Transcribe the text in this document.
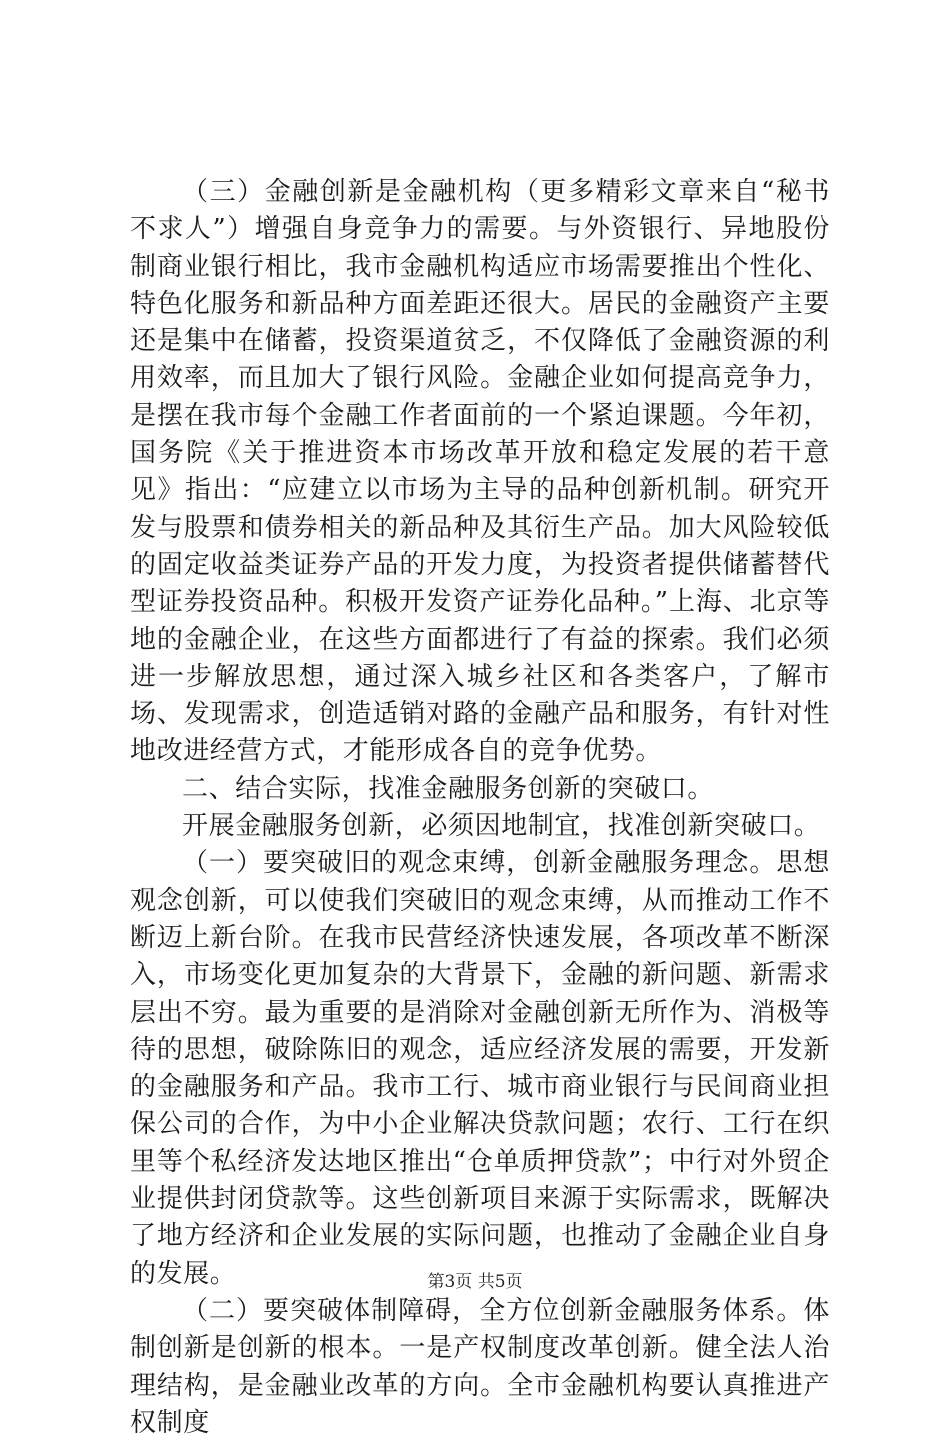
（三）金融创新是金融机构（更多精彩文章来自“秘书不求人”）增强自身竞争力的需要。与外资银行、异地股份制商业银行相比，我市金融机构适应市场需要推出个性化、特色化服务和新品种方面差距还很大。居民的金融资产主要还是集中在储蓄，投资渠道贫乏，不仅降低了金融资源的利用效率，而且加大了银行风险。金融企业如何提高竞争力，是摆在我市每个金融工作者面前的一个紧迫课题。今年初，国务院《关于推进资本市场改革开放和稳定发展的若干意见》指出：“应建立以市场为主导的品种创新机制。研究开发与股票和债券相关的新品种及其衍生产品。加大风险较低的固定收益类证券产品的开发力度，为投资者提供储蓄替代型证券投资品种。积极开发资产证券化品种。”上海、北京等地的金融企业，在这些方面都进行了有益的探索。我们必须进一步解放思想，通过深入城乡社区和各类客户，了解市场、发现需求，创造适销对路的金融产品和服务，有针对性地改进经营方式，才能形成各自的竞争优势。

二、结合实际，找准金融服务创新的突破口。

开展金融服务创新，必须因地制宜，找准创新突破口。

（一）要突破旧的观念束缚，创新金融服务理念。思想观念创新，可以使我们突破旧的观念束缚，从而推动工作不断迈上新台阶。在我市民营经济快速发展，各项改革不断深入，市场变化更加复杂的大背景下，金融的新问题、新需求层出不穷。最为重要的是消除对金融创新无所作为、消极等待的思想，破除陈旧的观念，适应经济发展的需要，开发新的金融服务和产品。我市工行、城市商业银行与民间商业担保公司的合作，为中小企业解决贷款问题；农行、工行在织里等个私经济发达地区推出“仓单质押贷款”；中行对外贸企业提供封闭贷款等。这些创新项目来源于实际需求，既解决了地方经济和企业发展的实际问题，也推动了金融企业自身的发展。

（二）要突破体制障碍，全方位创新金融服务体系。体制创新是创新的根本。一是产权制度改革创新。健全法人治理结构，是金融业改革的方向。全市金融机构要认真推进产权制度

第3页 共5页
